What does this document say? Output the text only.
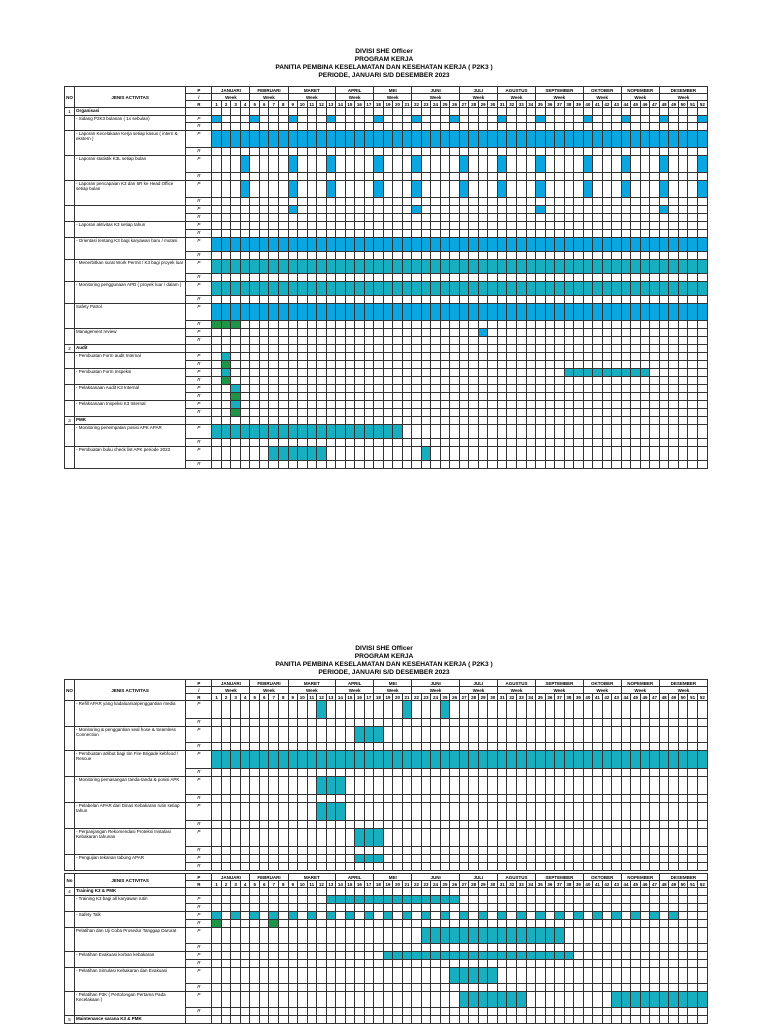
DIVISI SHE Officer
PROGRAM KERJA
PANITIA PEMBINA KESELAMATAN DAN KESEHATAN KERJA ( P2K3 )
PERIODE, JANUARI S/D DESEMBER 2023
NO	JENIS ACTIVITAS	P	JANUARI				FEBRUARI				MARET					APRIL				MEI				JUNI					JULI				AGUSTUS				SEPTEMBER					OKTOBER				NOPEMBER				DESEMBER				
		/	Week				Week				Week					Week				Week				Week					Week				Week				Week					Week				Week				Week				
		R	1	2	3	4	5	6	7	8	9	10	11	12	13	14	15	16	17	18	19	20	21	22	23	24	25	26	27	28	29	30	31	32	33	34	35	36	37	38	39	40	41	42	43	44	45	46	47	48	49	50	51	52
1	Organisasi																																																					
	- Sidang P2K3 bulanan ( 1x sebulan)	P																																																				
		R																																																				
	- Laporan Kecelakaan Kerja setiap kasus ( intern & ekstern )	P																																																				
		R																																																				
	- Laporan statistik K3L setiap bulan	P																																																				
		R																																																				
	- Laporan pencapaian K3 dan 5R ke Head Office setiap bulan	P																																																				
		R																																																				
		P																																																				
		R																																																				
	- Laporan aktivitas K3 setiap tahun	P																																																				
		R																																																				
	- Orientasi tentang K3 bagi karyawan baru / mutasi	P																																																				
		R																																																				
	- Menerbitkan surat Work Permit / K3 bagi proyek luar	P																																																				
		R																																																				
	- Monitoring penggunaan APD ( proyek luar / dalam )	P																																																				
		R																																																				
	Safety Patrol	P																																																				
		R																																																				
	Management review	P																																																				
		R																																																				
2	Audit																																																					
	- Pembuatan Form audit Internal	P																																																				
		R																																																				
	- Pembuatan Form Inspeksi	P																																																				
		R																																																				
	- Pelaksanaan Audit K3 Internal	P																																																				
		R																																																				
	- Pelaksanaan Inspeksi K3 Internal	P																																																				
		R																																																				
3	PMK																																																					
	- Monitoring penempatan posisi APK APAR	P																																																				
		R																																																				
	- Pembuatan buku check list APK periode 2023	P																																																				
		R																																																				
DIVISI SHE Officer
PROGRAM KERJA
PANITIA PEMBINA KESELAMATAN DAN KESEHATAN KERJA ( P2K3 )
PERIODE, JANUARI S/D DESEMBER 2023
NO	JENIS ACTIVITAS	P	JANUARI				FEBRUARI				MARET					APRIL				MEI				JUNI					JULI				AGUSTUS				SEPTEMBER					OKTOBER				NOPEMBER				DESEMBER				
		/	Week				Week				Week					Week				Week				Week					Week				Week				Week					Week				Week				Week				
		R	1	2	3	4	5	6	7	8	9	10	11	12	13	14	15	16	17	18	19	20	21	22	23	24	25	26	27	28	29	30	31	32	33	34	35	36	37	38	39	40	41	42	43	44	45	46	47	48	49	50	51	52
	- Refill APAR yang kadaluarsa/penggantian media	P																																																				
		R																																																				
	- Monitoring & penggantian seal hose & Seamless Connection	P																																																				
		R																																																				
	- Pembuatan atribut bagi tim Fire Brigade kebfood / Rescue	P																																																				
		R																																																				
	- Monitoring pemasangan tanda-tanda & posisi APK	P																																																				
		R																																																				
	- Pelabelan APAR dari Dinas Kebakaran rutin setiap tahun	P																																																				
		R																																																				
	- Perpanjangan Rekomendasi Proteksi Instalasi Kebakaran tahunan	P																																																				
		R																																																				
	- Pengujian tekanan tabung APAR	P																																																				
		R																																																				
No	JENIS ACTIVITAS	P	JANUARI				FEBRUARI				MARET					APRIL				MEI				JUNI					JULI				AGUSTUS				SEPTEMBER					OKTOBER				NOPEMBER				DESEMBER				
		R	1	2	3	4	5	6	7	8	9	10	11	12	13	14	15	16	17	18	19	20	21	22	23	24	25	26	27	28	29	30	31	32	33	34	35	36	37	38	39	40	41	42	43	44	45	46	47	48	49	50	51	52
4	Training K3 & PMK																																																					
	- Training K3 bagi all karyawan rutin	P																																																				
		R																																																				
	- Safety Talk	P																																																				
		R																																																				
	Pelatihan dan Uji Coba Prosedur Tanggap Darurat	P																																																				
		R																																																				
	- Pelatihan Evakuasi korban kebakaran	P																																																				
		R																																																				
	- Pelatihan Simulasi Kebakaran dan Evakuasi	P																																																				
		R																																																				
	- Pelatihan P3K ( Pertolongan Pertama Pada Kecelakaan )	P																																																				
		R																																																				
5	Maintenance sarana K3 & PMK																																																					
